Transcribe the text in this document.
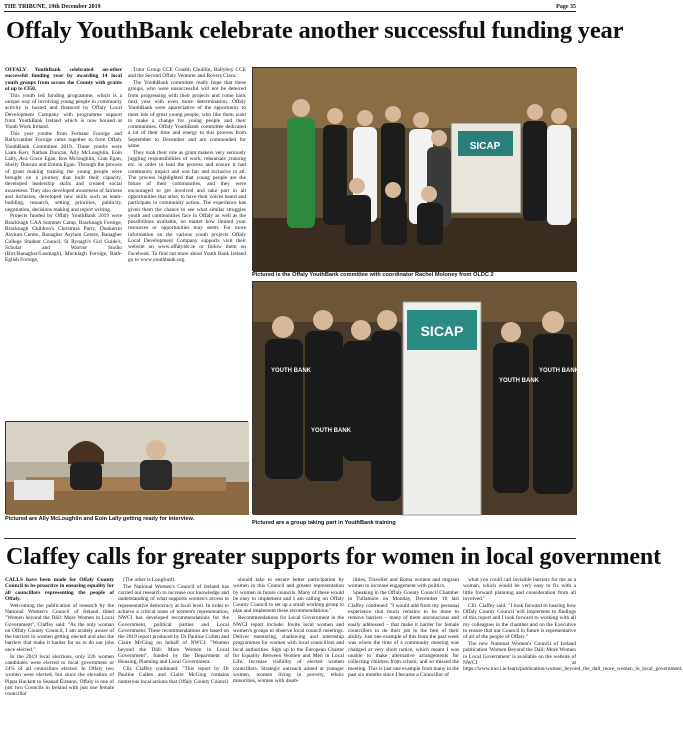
THE TRIBUNE, 19th December 2019	Page 35
Offaly YouthBank celebrate another successful funding year

OFFALY YouthBank celebrated an-other successful funding year by awarding 14 local youth groups from across the County with grants of up to €350.

This youth led funding programme, which is a unique way of involving young people in community activity is hosted and financed by Offaly Local Development Company with programme support from YouthBank Ireland which is now housed at Youth Work Ireland.

This year youths from Ferbane Foroige and Ballycumber Foroige came together to form Offaly YouthBank Committee 2019. These youths were Liam Kerr, Nathan Duncan, Ally McLoughlin, Eoin Lally, Ava Grace Egan, Ros Mcloughlin, Cian Egan, Shelly Duncan and Emma Egan. Through the process of grant making training the young people were brought on a journey that built their capacity, developed leadership skills and created social awareness. They also developed awareness of fairness and inclusion, developed new skills such as team-building, research, setting priorities, publicity, negotiation, decisions making and report writing.

Projects funded by Offaly YouthBank 2019 were Bracknagh GAA Summer Camp, Bracknagh Foroige, Bracknagh Children's Christmas Party, Dunkerrin Asylum Centre, Banagher Asylum Centre, Banagher College Student Council, St Rynagh's Girl Guide's, Scholar and Warrior Studio (Birr/Banagher/Lusmagh), Mucklagh Foroige, Rath-Eglish Foroige,

Tutor Group CCE Craobh Chuillin, Ballyboy CCE and the Second Offaly Venturer and Rovers Clara.

The YouthBank committee really hope that these groups, who were unsuccessful will not be deterred from progressing with their projects and come back next year with even more determination. Offaly YouthBank were appreciative of the opportunity to meet lots of great young people, who like them want to make a change for young people and their communities. Offaly YouthBank committee dedicated a lot of their time and energy to this process from September to December and are commended for same.

They took their role as grant makers very seriously juggling responsibilities of work, rehearsals ,training etc. in order to lead the process and ensure it had community impact and was fair and inclusive to all. The process highlighted that young people are the future of their communities, and they were encouraged to get involved and take part in all opportunities that arise, to have their voices heard and participate in community action. The experience has given them the chance to see what similar struggles youth and communities face in Offaly as well as the possibilities available, no matter how limited your resources or opportunities may seem. For more information on the various youth projects Offaly Local Development Company supports visit their website on www.offalyldc.ie or follow them on Facebook. To find out more about Youth Bank Ireland go to www.youthbank.org.

SICAP
Pictured is the Offaly YouthBank committee with coordinator Rachel Moloney from OLDC 2
SICAP
YOUTH BANK
YOUTH BANK
YOUTH BANK
YOUTH BANK
Pictured are Ally McLoughlin and Eoin Lally getting ready for interview.
Pictured are a group taking part in YouthBank training
Claffey calls for greater supports for women in local government

CALLS have been made for Offaly County Council to be proactive in ensuring equality for all councillors representing the people of Offaly.

Welcoming the publication of research by the National Women's Council of Ireland titled "Women beyond the Dáil: More Women in Local Government", Claffey said: "As the only woman on Offaly County Council, I am acutely aware of the barriers to women getting elected and also the barriers that make it harder for us to do our jobs once elected."

In the 2019 local elections, only 226 women candidates were elected to local government or 24% of all councillors elected. In Offaly two women were elected, but since the elevation of Pippa Hackett to Seanad Éireann, Offaly is one of just two Councils in Ireland with just one female councillor

(The other is Longford).

The National Women's Council of Ireland has carried out research to increase our knowledge and understanding of what supports women's access to representative democracy at local level. In order to achieve a critical mass of women's representation, NWCI has developed recommendations for the Government, political parties and Local Government. These recommendations are based on the 2019 report produced by Dr Pauline Cullen and Claire McGing on behalf of NWCI: "Women beyond the Dáil: More Women in Local Government", funded by the Department of Housing, Planning and Local Government.

Cllr. Claffey continued: "This report by Dr Pauline Cullen and Claire McGing contains numerous local actions that Offaly County Council

should take to ensure better participation by women in this Council and greater representation by women in future councils. Many of these would be easy to implement and I am calling on Offaly County Council to set up a small working group to plan and implement these recommendations."

Recommendations for Local Government in the NWCI report include: Invite local women and women's groups to observe local council meetings. Deliver mentoring, shadowing and internship programmes for women with local councillors and local authorities. Sign up to the European Charter for Equality Between Women and Men in Local Life. Increase visibility of elected women councillors. Strategic outreach aimed at younger women, women living in poverty, ethnic minorities, women with disab-

ilities, Traveller and Roma women and migrant women to increase engagement with politics.

Speaking in the Offaly County Council Chamber in Tullamore on Monday, December 16 last Claffey continued: "I would add from my personal experience that much remains to be done to remove barriers – many of them unconscious and easily addressed – that make it harder for female councillors to do their job to the best of their ability. Just one example of this from the past week was where the time of a community meeting was changed at very short notice, which meant I was unable to make alternative arrangements for collecting children from school, and so missed the meeting. This is just one example from many in the past six months since I became a Councillor of

what you could call invisible barriers for me as a woman, which would be very easy to fix with a little forward planning and consideration from all involved."

Cllr. Claffey said: "I look forward to hearing how Offaly County Council will implement to findings of this report and I look forward to working with all my colleagues in the chamber and on the Executive to ensure that our Council in future is representative of all of the people of Offaly."

The new National Women's Council of Ireland publication 'Women Beyond the Dáil: More Women in Local Government' is available on the website of NWCI at https://www.nwci.ie/learn/publication/women_beyond_the_dail_more_women_in_local_government.
